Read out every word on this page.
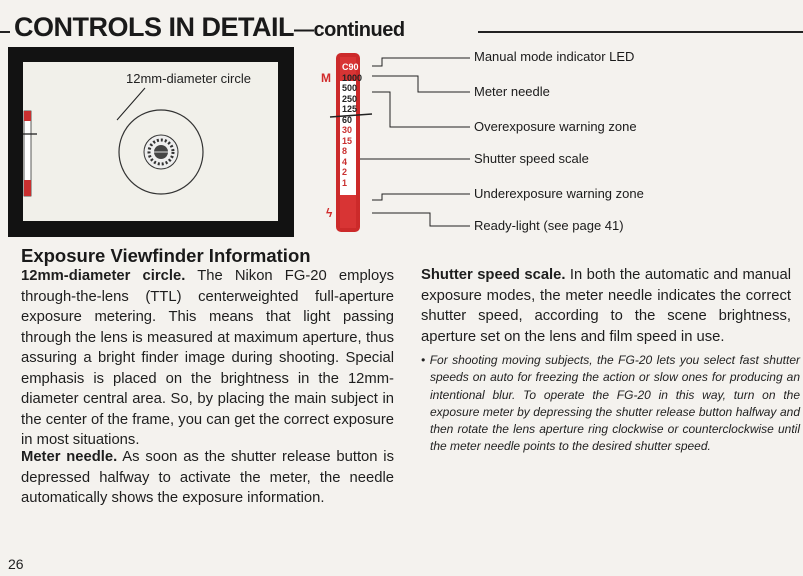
CONTROLS IN DETAIL—continued
12mm-diameter circle	M
C90
1000
500
250
125
60
30
15
8
4
2
1
ϟ
Manual mode indicator LED
Meter needle
Overexposure warning zone
Shutter speed scale
Underexposure warning zone
Ready-light (see page 41)
Exposure Viewfinder Information
12mm-diameter circle. The Nikon FG-20 employs through-the-lens (TTL) centerweighted full-aperture exposure metering. This means that light passing through the lens is measured at maximum aperture, thus assuring a bright finder image during shooting. Special emphasis is placed on the brightness in the 12mm-diameter central area. So, by placing the main subject in the center of the frame, you can get the correct exposure in most situations.
Meter needle. As soon as the shutter release button is depressed halfway to activate the meter, the needle automatically shows the exposure information.
Shutter speed scale. In both the automatic and manual exposure modes, the meter needle indicates the correct shutter speed, according to the scene brightness, aperture set on the lens and film speed in use.
• For shooting moving subjects, the FG-20 lets you select fast shutter speeds on auto for freezing the action or slow ones for producing an intentional blur. To operate the FG-20 in this way, turn on the exposure meter by depressing the shutter release button halfway and then rotate the lens aperture ring clockwise or counterclockwise until the meter needle points to the desired shutter speed.
26
